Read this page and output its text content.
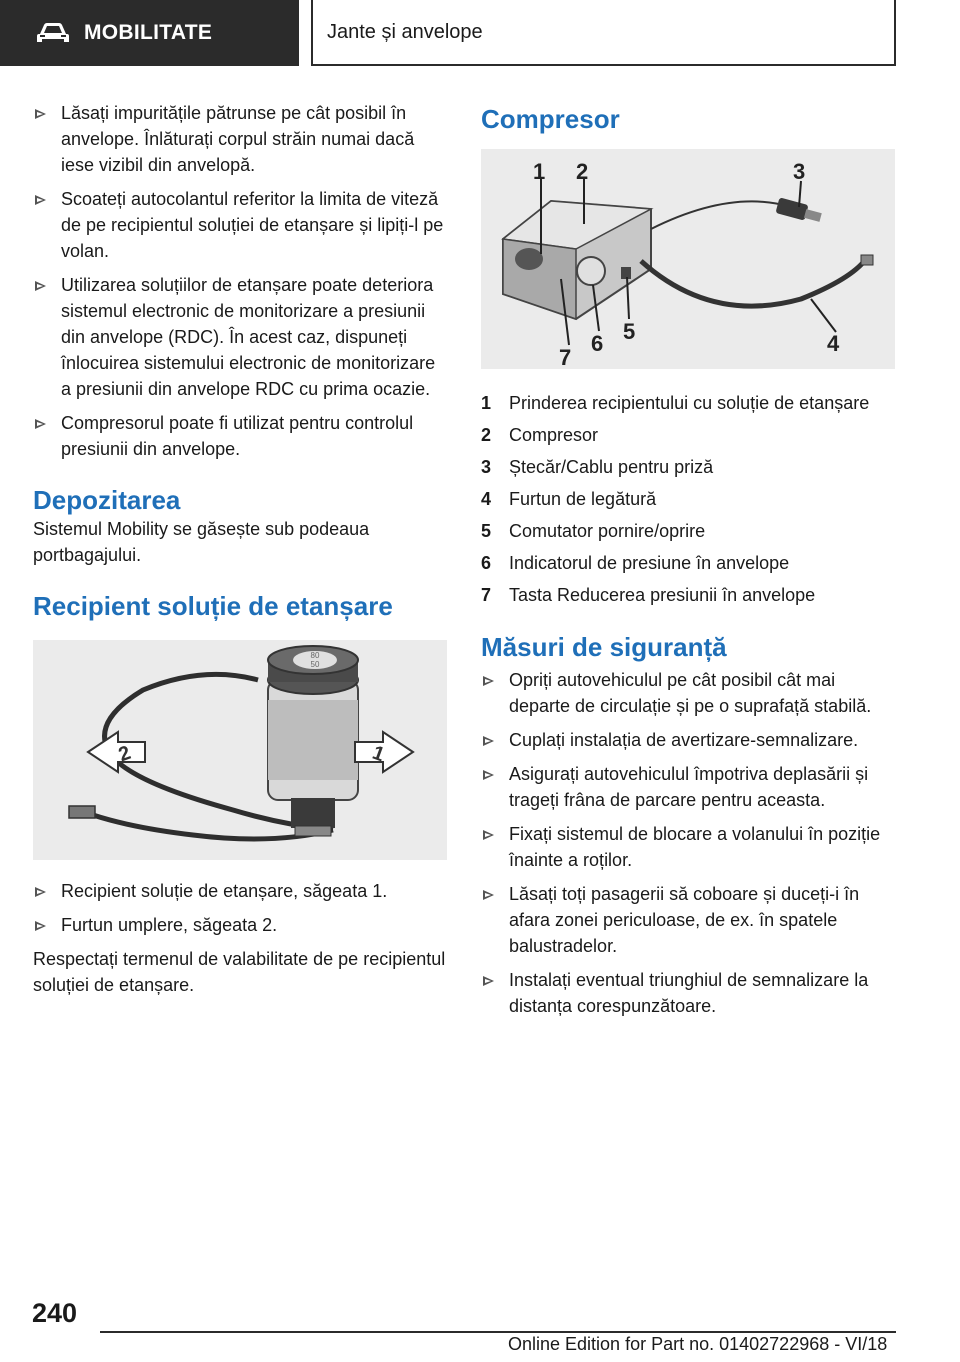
MOBILITATE	Jante și anvelope
Lăsați impuritățile pătrunse pe cât posibil în anvelope. Înlăturați corpul străin numai dacă iese vizibil din anvelopă.
Scoateți autocolantul referitor la limita de viteză de pe recipientul soluției de etanșare și lipiți-l pe volan.
Utilizarea soluțiilor de etanșare poate deteriora sistemul electronic de monitorizare a presiunii din anvelope (RDC). În acest caz, dispuneți înlocuirea sistemului electronic de monitorizare a presiunii din anvelope RDC cu prima ocazie.
Compresorul poate fi utilizat pentru controlul presiunii din anvelope.
Depozitarea

Sistemul Mobility se găsește sub podeaua portbagajului.

Recipient soluție de etanșare
80
50
2	1
Recipient soluție de etanșare, săgeata 1.
Furtun umplere, săgeata 2.

Respectați termenul de valabilitate de pe recipientul soluției de etanșare.

Compresor
1 2	3
4
5
6
7
1 Prinderea recipientului cu soluție de etanșare
2 Compresor
3 Ștecăr/Cablu pentru priză
4 Furtun de legătură
5 Comutator pornire/oprire
6 Indicatorul de presiune în anvelope
7 Tasta Reducerea presiunii în anvelope
Măsuri de siguranță
Opriți autovehiculul pe cât posibil cât mai departe de circulație și pe o suprafață stabilă.
Cuplați instalația de avertizare-semnalizare.
Asigurați autovehiculul împotriva deplasării și trageți frâna de parcare pentru aceasta.
Fixați sistemul de blocare a volanului în poziție înainte a roților.
Lăsați toți pasagerii să coboare și duceți-i în afara zonei periculoase, de ex. în spatele balustradelor.
Instalați eventual triunghiul de semnalizare la distanța corespunzătoare.
240
Online Edition for Part no. 01402722968 - VI/18
